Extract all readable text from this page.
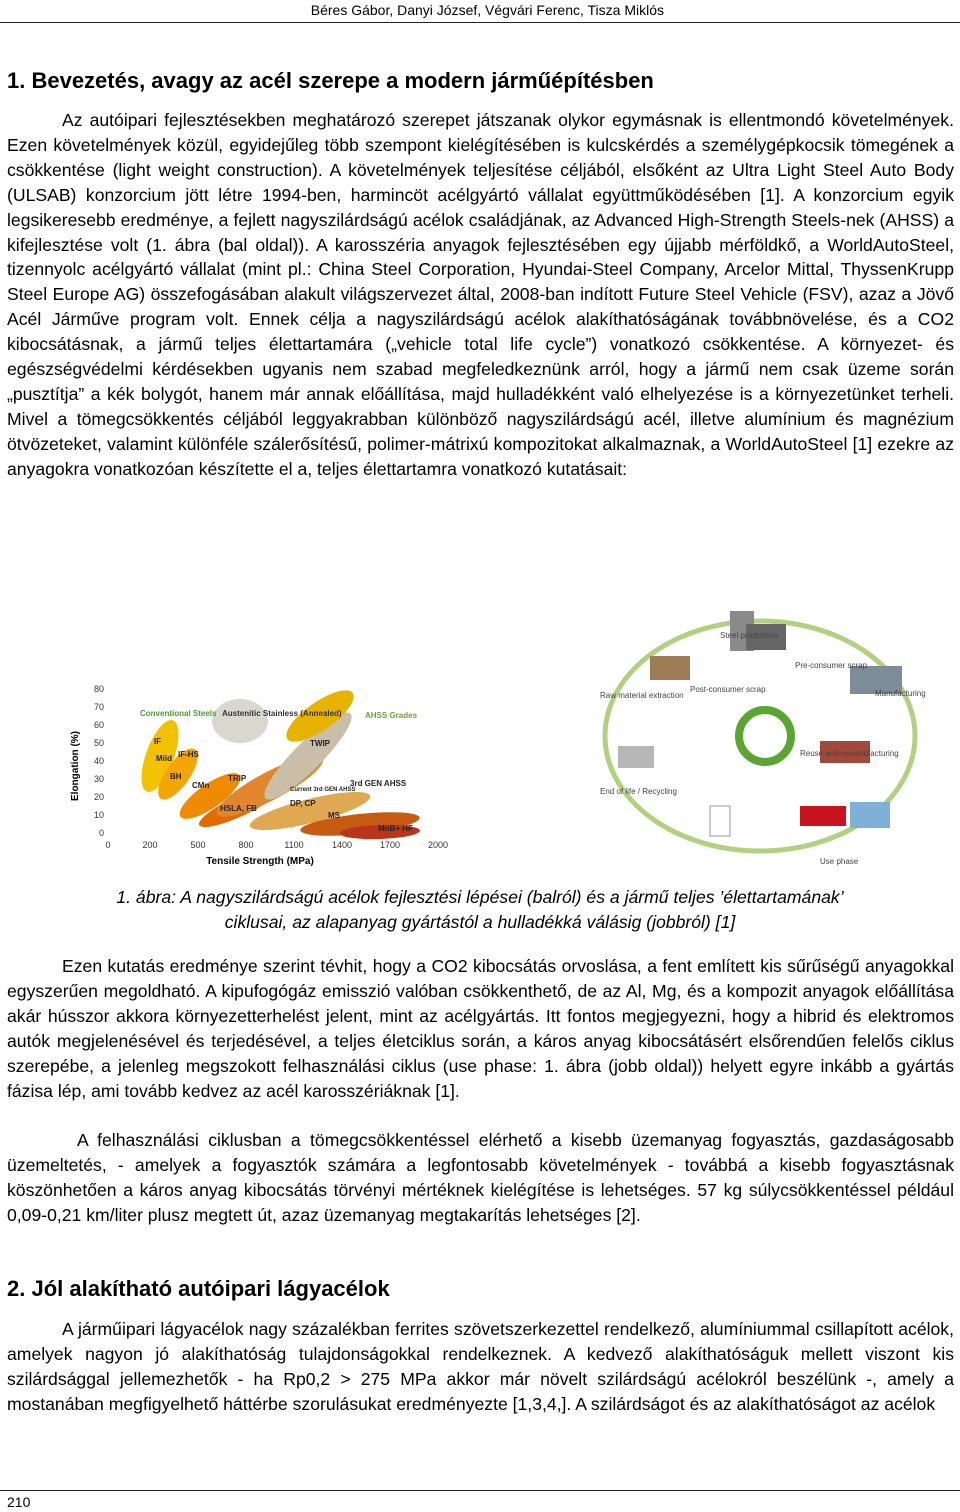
Béres Gábor, Danyi József, Végvári Ferenc, Tisza Miklós
1. Bevezetés, avagy az acél szerepe a modern járműépítésben

Az autóipari fejlesztésekben meghatározó szerepet játszanak olykor egymásnak is ellentmondó követelmények. Ezen követelmények közül, egyidejűleg több szempont kielégítésében is kulcskérdés a személygépkocsik tömegének a csökkentése (light weight construction). A követelmények teljesítése céljából, elsőként az Ultra Light Steel Auto Body (ULSAB) konzorcium jött létre 1994-ben, harmincöt acélgyártó vállalat együttműködésében [1]. A konzorcium egyik legsikeresebb eredménye, a fejlett nagyszilárdságú acélok családjának, az Advanced High-Strength Steels-nek (AHSS) a kifejlesztése volt (1. ábra (bal oldal)). A karosszéria anyagok fejlesztésében egy újjabb mérföldkő, a WorldAutoSteel, tizennyolc acélgyártó vállalat (mint pl.: China Steel Corporation, Hyundai-Steel Company, Arcelor Mittal, ThyssenKrupp Steel Europe AG) összefogásában alakult világszervezet által, 2008-ban indított Future Steel Vehicle (FSV), azaz a Jövő Acél Járműve program volt. Ennek célja a nagyszilárdságú acélok alakíthatóságának továbbnövelése, és a CO2 kibocsátásnak, a jármű teljes élettartamára („vehicle total life cycle”) vonatkozó csökkentése. A környezet- és egészségvédelmi kérdésekben ugyanis nem szabad megfeledkeznünk arról, hogy a jármű nem csak üzeme során „pusztítja” a kék bolygót, hanem már annak előállítása, majd hulladékként való elhelyezése is a környezetünket terheli. Mivel a tömegcsökkentés céljából leggyakrabban különböző nagyszilárdságú acél, illetve alumínium és magnézium ötvözeteket, valamint különféle szálerősítésű, polimer-mátrixú kompozitokat alkalmaznak, a WorldAutoSteel [1] ezekre az anyagokra vonatkozóan készítette el a, teljes élettartamra vonatkozó kutatásait:

0
10
20
30
40
50
60
70
80
0	200	500	800	1100	1400	1700	2000
Tensile Strength (MPa)
Elongation (%)
Conventional Steels Austenitic Stainless (Annealed)	AHSS Grades
IF
Mild IF-HS
BH
CMn
TRIP
HSLA, FB
TWIP
3rd GEN AHSS
Current 3rd GEN AHSS
DP, CP
MS
MnB+ HF
Steel production
Raw material extraction
Pre-consumer scrap
Post-consumer scrap	Manufacturing
End of life / Recycling
Reuse and remanufacturing
Use phase
1. ábra: A nagyszilárdságú acélok fejlesztési lépései (balról) és a jármű teljes ’élettartamának’
ciklusai, az alapanyag gyártástól a hulladékká válásig (jobbról) [1]

Ezen kutatás eredménye szerint tévhit, hogy a CO2 kibocsátás orvoslása, a fent említett kis sűrűségű anyagokkal egyszerűen megoldható. A kipufogógáz emisszió valóban csökkenthető, de az Al, Mg, és a kompozit anyagok előállítása akár hússzor akkora környezetterhelést jelent, mint az acélgyártás. Itt fontos megjegyezni, hogy a hibrid és elektromos autók megjelenésével és terjedésével, a teljes életciklus során, a káros anyag kibocsátásért elsőrendűen felelős ciklus szerepébe, a jelenleg megszokott felhasználási ciklus (use phase: 1. ábra (jobb oldal)) helyett egyre inkább a gyártás fázisa lép, ami tovább kedvez az acél karosszériáknak [1].

A felhasználási ciklusban a tömegcsökkentéssel elérhető a kisebb üzemanyag fogyasztás, gazdaságosabb üzemeltetés, - amelyek a fogyasztók számára a legfontosabb követelmények - továbbá a kisebb fogyasztásnak köszönhetően a káros anyag kibocsátás törvényi mértéknek kielégítése is lehetséges. 57 kg súlycsökkentéssel például 0,09-0,21 km/liter plusz megtett út, azaz üzemanyag megtakarítás lehetséges [2].

2. Jól alakítható autóipari lágyacélok

A járműipari lágyacélok nagy százalékban ferrites szövetszerkezettel rendelkező, alumíniummal csillapított acélok, amelyek nagyon jó alakíthatóság tulajdonságokkal rendelkeznek. A kedvező alakíthatóságuk mellett viszont kis szilárdsággal jellemezhetők - ha Rp0,2 > 275 MPa akkor már növelt szilárdságú acélokról beszélünk -, amely a mostanában megfigyelhető háttérbe szorulásukat eredményezte [1,3,4,]. A szilárdságot és az alakíthatóságot az acélok

210
